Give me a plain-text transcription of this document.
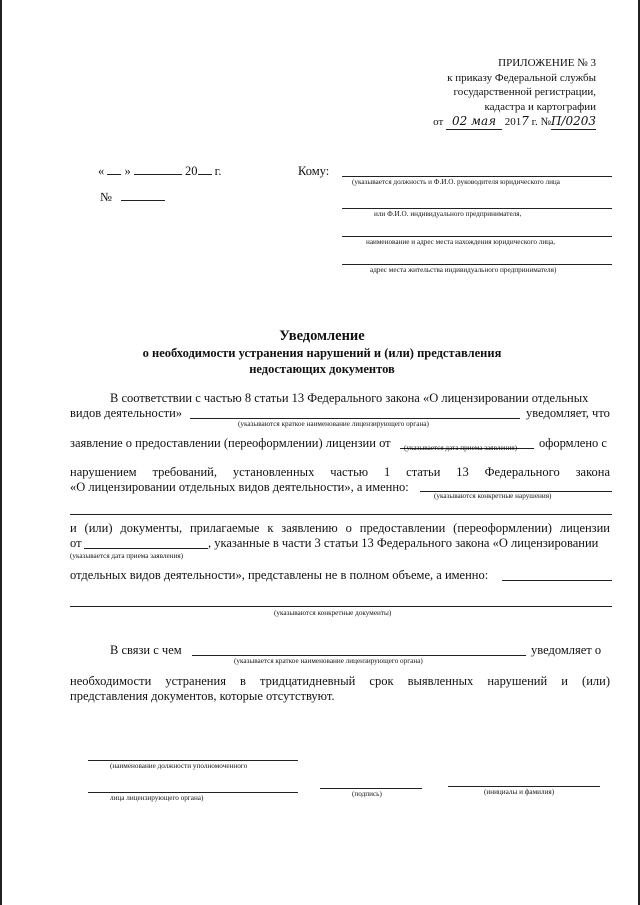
ПРИЛОЖЕНИЕ № 3
к приказу Федеральной службы
государственной регистрации,
кадастра и картографии
от 02 мая 2017 г. №П/0203
« »	20 г.
№
Кому:
(указывается должность и Ф.И.О. руководителя юридического лица
или Ф.И.О. индивидуального предпринимателя,
наименование и адрес места нахождения юридического лица,
адрес места жительства индивидуального предпринимателя)
Уведомление
о необходимости устранения нарушений и (или) представления
недостающих документов
В соответствии с частью 8 статьи 13 Федерального закона «О лицензировании отдельных
видов деятельности»	уведомляет, что
(указываются краткое наименование лицензирующего органа)
заявление о предоставлении (переоформлении) лицензии от	оформлено с
(указывается дата приема заявления)
нарушением требований, установленных частью 1 статьи 13 Федерального закона
«О лицензировании отдельных видов деятельности», а именно:
(указываются конкретные нарушения)
и (или) документы, прилагаемые к заявлению о предоставлении (переоформлении) лицензии
от	, указанные в части 3 статьи 13 Федерального закона «О лицензировании
(указывается дата приема заявления)
отдельных видов деятельности», представлены не в полном объеме, а именно:
(указываются конкретные документы)
В связи с чем	уведомляет о
(указывается краткое наименование лицензирующего органа)
необходимости устранения в тридцатидневный срок выявленных нарушений и (или)
представления документов, которые отсутствуют.
(наименование должности уполномоченного
лица лицензирующего органа)	(подпись)	(инициалы и фамилия)
